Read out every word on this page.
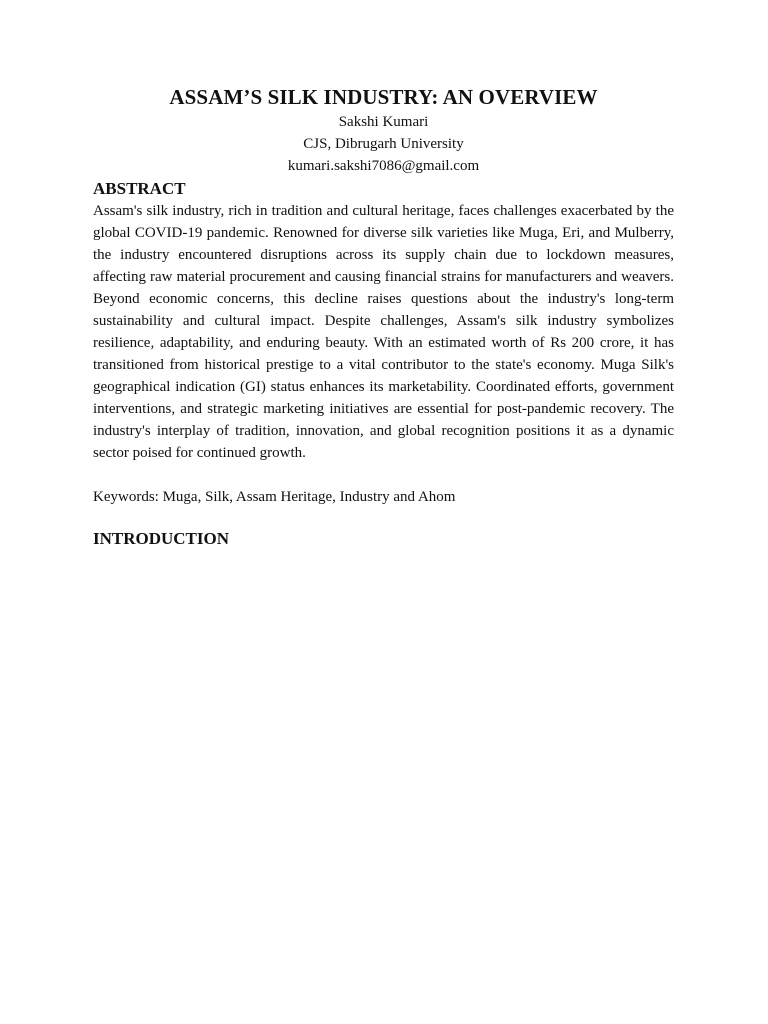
ASSAM’S SILK INDUSTRY: AN OVERVIEW

Sakshi Kumari

CJS, Dibrugarh University

kumari.sakshi7086@gmail.com

ABSTRACT

Assam's silk industry, rich in tradition and cultural heritage, faces challenges exacerbated by the global COVID-19 pandemic. Renowned for diverse silk varieties like Muga, Eri, and Mulberry, the industry encountered disruptions across its supply chain due to lockdown measures, affecting raw material procurement and causing financial strains for manufacturers and weavers. Beyond economic concerns, this decline raises questions about the industry's long-term sustainability and cultural impact. Despite challenges, Assam's silk industry symbolizes resilience, adaptability, and enduring beauty. With an estimated worth of Rs 200 crore, it has transitioned from historical prestige to a vital contributor to the state's economy. Muga Silk's geographical indication (GI) status enhances its marketability. Coordinated efforts, government interventions, and strategic marketing initiatives are essential for post-pandemic recovery. The industry's interplay of tradition, innovation, and global recognition positions it as a dynamic sector poised for continued growth.

Keywords: Muga, Silk, Assam Heritage, Industry and Ahom

INTRODUCTION
